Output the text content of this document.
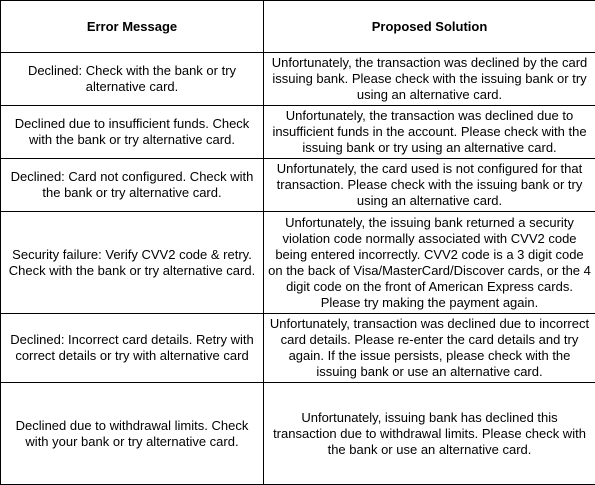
Error Message	Proposed Solution
Declined: Check with the bank or try alternative card.	Unfortunately, the transaction was declined by the card issuing bank. Please check with the issuing bank or try using an alternative card.
Declined due to insufficient funds. Check with the bank or try alternative card.	Unfortunately, the transaction was declined due to insufficient funds in the account. Please check with the issuing bank or try using an alternative card.
Declined: Card not configured. Check with the bank or try alternative card.	Unfortunately, the card used is not configured for that transaction. Please check with the issuing bank or try using an alternative card.
Security failure: Verify CVV2 code & retry. Check with the bank or try alternative card.	Unfortunately, the issuing bank returned a security violation code normally associated with CVV2 code being entered incorrectly. CVV2 code is a 3 digit code on the back of Visa/MasterCard/Discover cards, or the 4 digit code on the front of American Express cards. Please try making the payment again.
Declined: Incorrect card details. Retry with correct details or try with alternative card	Unfortunately, transaction was declined due to incorrect card details. Please re-enter the card details and try again. If the issue persists, please check with the issuing bank or use an alternative card.
Declined due to withdrawal limits. Check with your bank or try alternative card.	Unfortunately, issuing bank has declined this transaction due to withdrawal limits. Please check with the bank or use an alternative card.
